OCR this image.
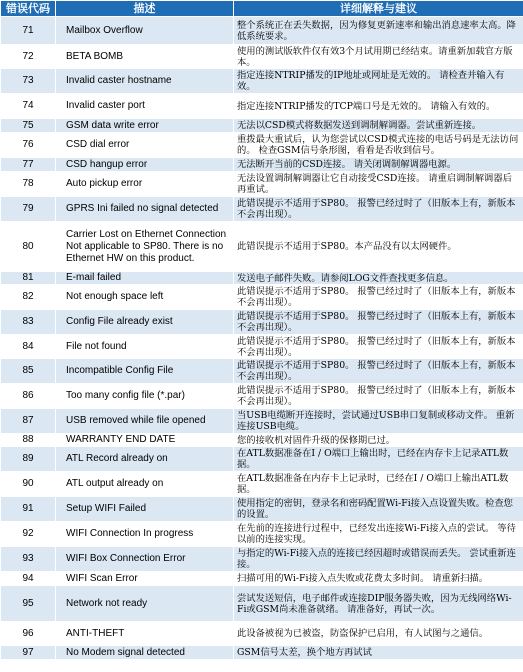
错误代码	描述	详细解释与建议
71	Mailbox Overflow	整个系统正在丢失数据，因为修复更新速率和输出消息速率太高。降低系统要求。
72	BETA BOMB	使用的测试版软件仅有效3个月试用期已经结束。请重新加载官方版本。
73	Invalid caster hostname	指定连接NTRIP播发的IP地址或网址是无效的。 请检查并输入有效。
74	Invalid caster port	指定连接NTRIP播发的TCP端口号是无效的。 请输入有效的。
75	GSM data write error	无法以CSD模式将数据发送到调制解调器。尝试重新连接。
76	CSD dial error	重拨最大重试后，认为您尝试以CSD模式连接的电话号码是无法访问的。 检查GSM信号条形图，看看是否收到信号。
77	CSD hangup error	无法断开当前的CSD连接。 请关闭调制解调器电源。
78	Auto pickup error	无法设置调制解调器让它自动接受CSD连接。 请重启调制解调器后再重试。
79	GPRS Ini failed no signal detected	此错误提示不适用于SP80。 报警已经过时了（旧版本上有，新版本不会再出现）。
80	Carrier Lost on Ethernet Connection Not applicable to SP80. There is no Ethernet HW on this product.	此错误提示不适用于SP80。本产品没有以太网硬件。
81	E-mail failed	发送电子邮件失败。请参阅LOG文件查找更多信息。
82	Not enough space left	此错误提示不适用于SP80。 报警已经过时了（旧版本上有，新版本不会再出现）。
83	Config File already exist	此错误提示不适用于SP80。 报警已经过时了（旧版本上有，新版本不会再出现）。
84	File not found	此错误提示不适用于SP80。 报警已经过时了（旧版本上有，新版本不会再出现）。
85	Incompatible Config File	此错误提示不适用于SP80。 报警已经过时了（旧版本上有，新版本不会再出现）。
86	Too many config file (*.par)	此错误提示不适用于SP80。 报警已经过时了（旧版本上有，新版本不会再出现）。
87	USB removed while file opened	当USB电缆断开连接时，尝试通过USB串口复制或移动文件。 重新连接USB电缆。
88	WARRANTY END DATE	您的接收机对固件升级的保修期已过。
89	ATL Record already on	在ATL数据准备在I / O端口上输出时，已经在内存卡上记录ATL数据。
90	ATL output already on	在ATL数据准备在内存卡上记录时，已经在I / O端口上输出ATL数据。
91	Setup WIFI Failed	使用指定的密钥，登录名和密码配置Wi-Fi接入点设置失败。检查您的设置。
92	WIFI Connection In progress	在先前的连接进行过程中，已经发出连接Wi-Fi接入点的尝试。 等待以前的连接实现。
93	WIFI Box Connection Error	与指定的Wi-Fi接入点的连接已经因超时或错误而丢失。 尝试重新连接。
94	WIFI Scan Error	扫描可用的Wi-Fi接入点失败或花费太多时间。 请重新扫描。
95	Network not ready	尝试发送短信，电子邮件或连接DIP服务器失败，因为无线网络Wi-Fi或GSM尚未准备就绪。 请准备好，再试一次。
96	ANTI-THEFT	此设备被视为已被盗，防盗保护已启用，有人试图与之通信。
97	No Modem signal detected	GSM信号太差，换个地方再试试
